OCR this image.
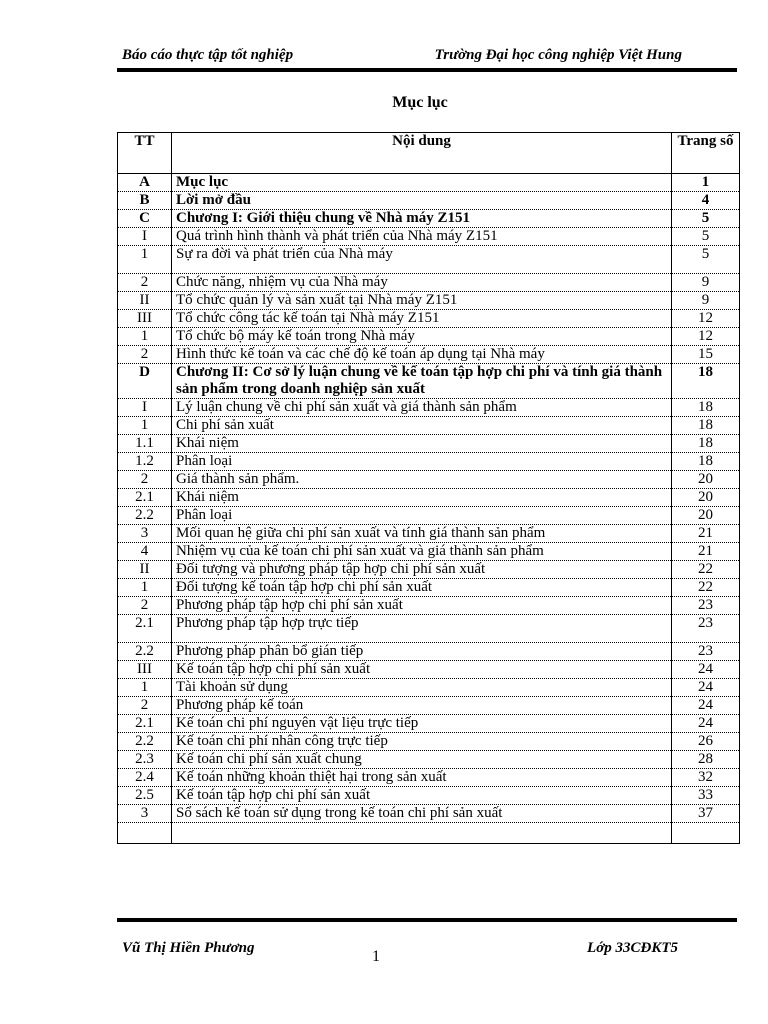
Báo cáo thực tập tốt nghiệp	Trường Đại học công nghiệp Việt Hung
Mục lục
TT	Nội dung	Trang số
A	Mục lục	1
B	Lời mở đầu	4
C	Chương I: Giới thiệu chung về Nhà máy Z151	5
I	Quá trình hình thành và phát triển của Nhà máy Z151	5
1	Sự ra đời và phát triển của Nhà máy	5
2	Chức năng, nhiệm vụ của Nhà máy	9
II	Tổ chức quản lý và sản xuất tại Nhà máy Z151	9
III	Tổ chức công tác kế toán tại Nhà máy Z151	12
1	Tổ chức bộ máy kế toán trong Nhà máy	12
2	Hình thức kế toán và các chế độ kế toán áp dụng tại Nhà máy	15
D	Chương II: Cơ sở lý luận chung về kế toán tập hợp chi phí và tính giá thành sản phẩm trong doanh nghiệp sản xuất	18
I	Lý luận chung về chi phí sản xuất và giá thành sản phẩm	18
1	Chi phí sản xuất	18
1.1	Khái niệm	18
1.2	Phân loại	18
2	Giá thành sản phẩm.	20
2.1	Khái niệm	20
2.2	Phân loại	20
3	Mối quan hệ giữa chi phí sản xuất và tính giá thành sản phẩm	21
4	Nhiệm vụ của kế toán chi phí sản xuất và giá thành sản phẩm	21
II	Đối tượng và phương pháp tập hợp chi phí sản xuất	22
1	Đối tượng kế toán tập hợp chi phí sản xuất	22
2	Phương pháp tập hợp chi phí sản xuất	23
2.1	Phương pháp tập hợp trực tiếp	23
2.2	Phương pháp phân bổ gián tiếp	23
III	Kế toán tập hợp chi phí sản xuất	24
1	Tài khoản sử dụng	24
2	Phương pháp kế toán	24
2.1	Kế toán chi phí nguyên vật liệu trực tiếp	24
2.2	Kế toán chi phí nhân công trực tiếp	26
2.3	Kế toán chi phí sản xuất chung	28
2.4	Kế toán những khoản thiệt hại trong sản xuất	32
2.5	Kế toán tập hợp chi phí sản xuất	33
3	Sổ sách kế toán sử dụng trong kế toán chi phí sản xuất	37

Vũ Thị Hiền Phương	1	Lớp 33CĐKT5
